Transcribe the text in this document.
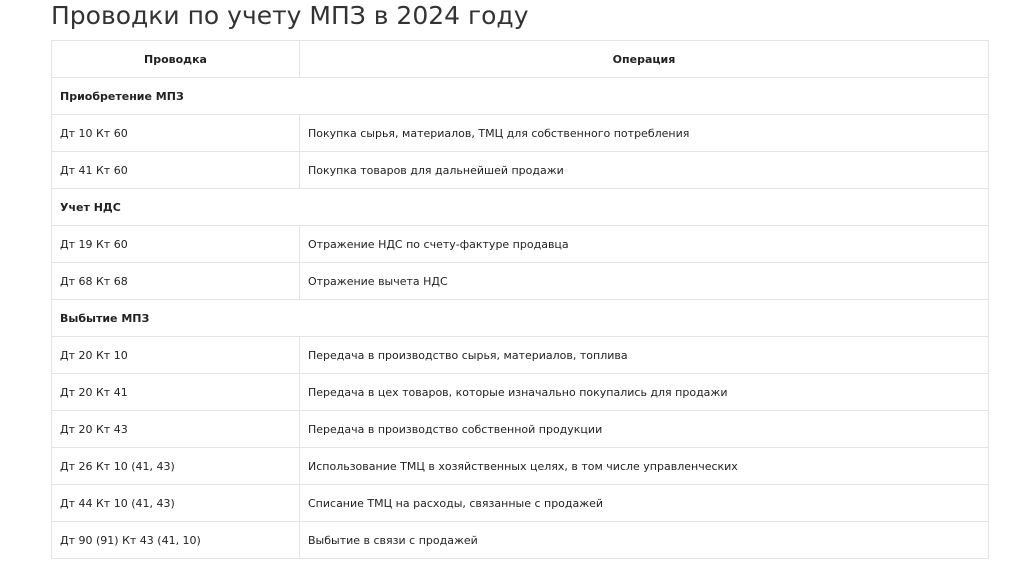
Проводки по учету МПЗ в 2024 году
Проводка	Операция
Приобретение МПЗ	
Дт 10 Кт 60	Покупка сырья, материалов, ТМЦ для собственного потребления
Дт 41 Кт 60	Покупка товаров для дальнейшей продажи
Учет НДС	
Дт 19 Кт 60	Отражение НДС по счету-фактуре продавца
Дт 68 Кт 68	Отражение вычета НДС
Выбытие МПЗ	
Дт 20 Кт 10	Передача в производство сырья, материалов, топлива
Дт 20 Кт 41	Передача в цех товаров, которые изначально покупались для продажи
Дт 20 Кт 43	Передача в производство собственной продукции
Дт 26 Кт 10 (41, 43)	Использование ТМЦ в хозяйственных целях, в том числе управленческих
Дт 44 Кт 10 (41, 43)	Списание ТМЦ на расходы, связанные с продажей
Дт 90 (91) Кт 43 (41, 10)	Выбытие в связи с продажей
